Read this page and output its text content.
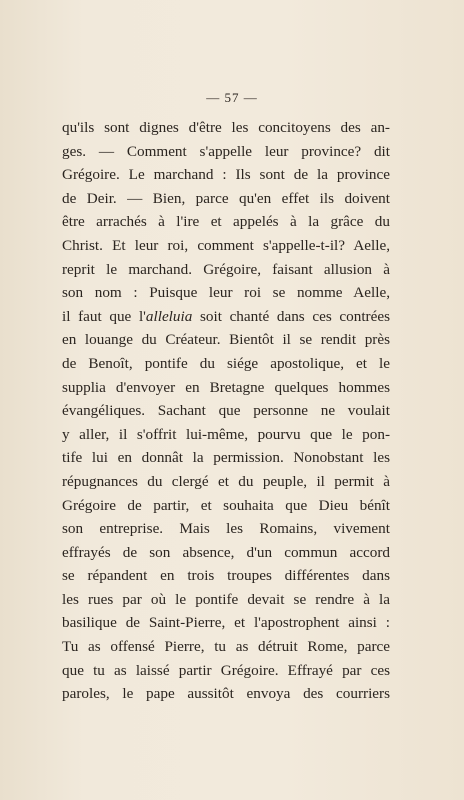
— 57 —
qu'ils sont dignes d'être les concitoyens des an-
ges. — Comment s'appelle leur province? dit
Grégoire. Le marchand : Ils sont de la province
de Deir. — Bien, parce qu'en effet ils doivent
être arrachés à l'ire et appelés à la grâce du
Christ. Et leur roi, comment s'appelle-t-il? Aelle,
reprit le marchand. Grégoire, faisant allusion à
son nom : Puisque leur roi se nomme Aelle,
il faut que l'alleluia soit chanté dans ces contrées
en louange du Créateur. Bientôt il se rendit près
de Benoît, pontife du siége apostolique, et le
supplia d'envoyer en Bretagne quelques hommes
évangéliques. Sachant que personne ne voulait
y aller, il s'offrit lui-même, pourvu que le pon-
tife lui en donnât la permission. Nonobstant les
répugnances du clergé et du peuple, il permit à
Grégoire de partir, et souhaita que Dieu bénît
son entreprise. Mais les Romains, vivement
effrayés de son absence, d'un commun accord
se répandent en trois troupes différentes dans
les rues par où le pontife devait se rendre à la
basilique de Saint-Pierre, et l'apostrophent ainsi :
Tu as offensé Pierre, tu as détruit Rome, parce
que tu as laissé partir Grégoire. Effrayé par ces
paroles, le pape aussitôt envoya des courriers
